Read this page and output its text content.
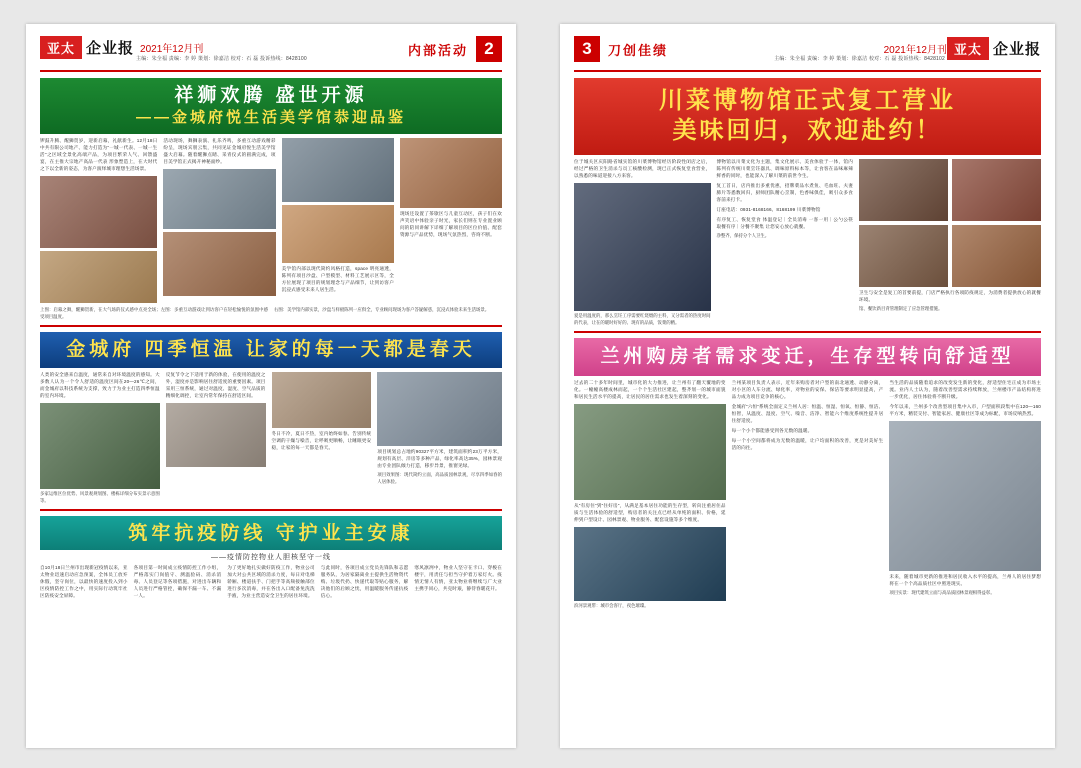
亚太 企业报 2021年12月刊
主编：朱全福 责编：李 婷 策划：徐嘉洁 校对：石 磊 投诉热线：8428100
内部活动 2
祥狮欢腾 盛世开源
——金城府悦生活美学馆恭迎品鉴
锣鼓升腾、醒狮贺岁，迎新启幕，礼献新生。12月18日中共有限公司地产、能力打造为“一城一代表、一城一生活”之区域全景化高端产品，为项目繁荣人气、回馈盛宴，在主推大宗地产高品一代表 形象塑造上，在大时代之下以全新的姿态，为客户演绎城市理想生活场景。
活动现场，舞狮表演、礼乐齐鸣，多重互动游戏精彩纷呈，现场宾朋云集，共同见证金城府悦生活美学馆盛大启幕。随着醒狮点睛、采青仪式的圆满完成，项目美学馆正式揭开神秘面纱。
美学馆内部以现代简约风格打造，space 明亮通透，陈列有项目沙盘、户型模型、材料工艺展示区等，全方位展现了项目的规划理念与产品细节，让到访客户沉浸式感受未来人居生活。
现场还设置了茶歇区与儿童互动区，孩子们在欢声笑语中体验亲子时光，家长们则在专业置业顾问的陪同讲解下详细了解项目的区位价值、配套资源与产品优势，现场气氛热烈，咨询不断。
上图：启幕之舞，醒狮贺新，在大气场的仪式感中点亮全场；左图：多重互动游戏让到访客户在轻松愉悦的氛围中感受项目温度。
右图：美学馆内部实景，沙盘与样板陈列一应俱全，专业顾问现场为客户答疑解惑，沉浸式体验未来生活场景。
金城府 四季恒温 让家的每一天都是春天
人类的安全感来自温度，通常来自对环境温度的感知。大多数人认为一个令人舒适的温度区间在20—26℃之间，而金城府以科技系统为支撑，致力于为业主打造四季恒温的室内环境。
多家运维区位优势、风景观规划图、楼栋详细分布实景示意图等。
反复节令之下适用于新的体验，在使用的温度之外，湿度亦是影响居住舒适度的重要因素。项目采用三恒系统，通过对温度、湿度、空气品质的精细化调控，让室内常年保持在舒适区间。
冬日不冷，夏日不热，室内始终如春。告别传统空调的干燥与噪音，让呼吸更顺畅，让睡眠更安稳，让家的每一天都是春天。
项目规划总占地约90327平方米，建筑面积约23万平方米，规划有高层、洋房等多种产品，绿化率高达35%，园林景观由专业团队倾力打造，移步异景，推窗见绿。
项目效果图：现代简约立面，高品质园林景观，尽享四季如春的人居体验。
筑牢抗疫防线 守护业主安康
——疫情防控物业人胆核坚守一线
自10月18日兰州市出现新冠疫情以来，亚太物业迅速启动应急预案，全体员工放弃休假，坚守岗位，以最快的速度投入到小区疫情防控工作之中，用实际行动筑牢社区防疫安全屏障。
各项目第一时间成立疫情防控工作小组，严格落实门岗值守、测温验码、消杀消毒、人员登记等各项措施，对进出车辆和人员进行严格管控，确保不漏一车、不漏一人。
为了更好地扎实做好防疫工作，物业公司加大对公共区域的消杀力度，每日对电梯轿厢、楼道扶手、门把手等高频接触部位进行多次消毒，并在各出入口配备免洗洗手液，为业主营造安全卫生的居住环境。
与此同时，各项目成立党员先锋队和志愿服务队，为居家隔离业主提供生活物资代购、垃圾代扔、快递代取等贴心服务，解决他们的后顾之忧，用温暖服务传递抗疫信心。
寒风凛冽中，物业人坚守在卡口、穿梭在楼宇，用责任与担当守护着万家灯火。疫情无情人有情，亚太物业将继续与广大业主携手同心，共克时艰，静待春暖花开。
3	刀创佳绩	2021年12月刊 亚太 企业报
主编：朱全福 责编：李 婷 策划：徐嘉洁 校对：石 磊 投诉热线：8428102
川菜博物馆正式复工营业
美味回归，欢迎赴约！
位于城关区庆阳路省城实馆的川菜博物馆经历阶段性闭店之后，经过严格的卫生消杀与员工核酸检测，现已正式恢复堂食营业，以熟悉的味道迎接八方来客。
爱是用温度的，那么烹饪工序需要红烧煨的主料，又分需者的热度时间的代表，让在的暖时好好的、现有的品质，饭菜的精。
博物馆以川菜文化为主题，集文化展示、美食体验于一体，馆内陈列有传统川菜烹饪器具、调味原料标本等，让食客在品味麻辣鲜香的同时，也能深入了解川菜的前世今生。
复工首日，店内推出多重优惠，招牌菜品水煮鱼、毛血旺、夫妻肺片等悉数回归，厨师团队精心烹制，色香味俱佳，吸引众多食客前来打卡。
订座电话：0931-8168166、8168199 川菜博物馆
有序复工、恢复堂食 体温登记｜全员消毒 一客一用｜公勺公筷 取餐有序｜分餐不聚集 让您安心放心就餐。
净整齐，保持分个人卫生。
卫生与安全是复工的首要前提，门店严格执行各项防疫规定，为消费者提供放心的就餐环境。
馆、餐饮新目背管理制定了应急管理措施。
兰州购房者需求变迁，生存型转向舒适型
过去的二十多年时间里，城市化的大力推进，让兰州有了翻天覆地的变化。一幢幢高楼成林而起，一个个生活社区建起，整齐划一的城市面貌和居民生活水平的提高，让居民的居住需求也发生着深刻的变化。
从“有房住”到“住好房”，从满足基本居住功能的生存型，转向注重居住品质与生活体验的舒适型，购房者的关注点已经从单纯的面积、价格，延伸到户型设计、园林景观、物业服务、配套设施等多个维度。
滨河景观带：城市会客厅，夜色璀璨。
兰州某项目负责人表示，近年来购房者对户型的南北通透、动静分离，对小区的人车分流、绿化率，对物业的安保、保洁等要求明显提高，产品力成为项目竞争的核心。
金城府“六恒”系统全面定义兰州人居：恒温、恒湿、恒氧、恒静、恒洁、恒智，从温度、湿度、空气、噪音、洁净、智能六个维度系统性提升居住舒适度。
每一个小个都能感受到各无数的温暖。
每一个小空间都将成为无数的温暖，让户均面积的改善，更是对美好生活的向往。
当生活的品质随着追求的改变发生新的变化，舒适型住宅正成为市场主流。业内人士认为，随着改善型需求持续释放，兰州楼市产品结构将进一步优化，居住体验将不断升级。
今年以来，兰州多个改善型项目集中入市，户型面积段集中在120—160平方米，精装交付、智能家居、健康社区等成为标配，市场反响热烈。
未来，随着城市更新的推进和居民收入水平的提高，兰州人的居住梦想将在一个个高品质社区中照进现实。
项目实景：现代建筑立面与高品质园林景观相得益彰。
